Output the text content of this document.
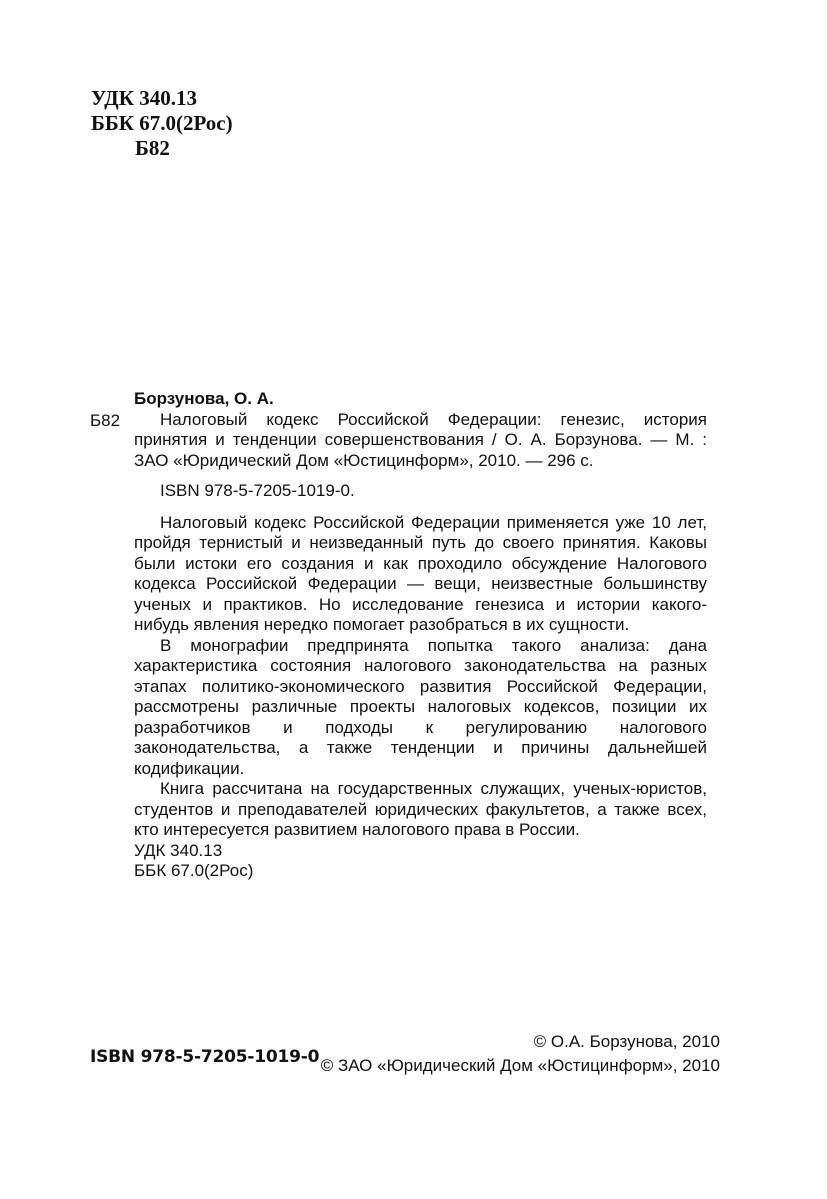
УДК 340.13
ББК 67.0(2Рос)
Б82
Б82

Борзунова, О. А.

Налоговый кодекс Российской Федерации: генезис, история принятия и тенденции совершенствования / О. А. Борзунова. — М. : ЗАО «Юридический Дом «Юстицинформ», 2010. — 296 с.

ISBN 978-5-7205-1019-0.

Налоговый кодекс Российской Федерации применяется уже 10 лет, пройдя тернистый и неизведанный путь до своего принятия. Каковы были истоки его создания и как проходило обсуждение Налогового кодекса Российской Федерации — вещи, неизвестные большинству ученых и практиков. Но исследование генезиса и истории какого-нибудь явления нередко помогает разобраться в их сущности.

В монографии предпринята попытка такого анализа: дана характеристика состояния налогового законодательства на разных этапах политико-экономического развития Российской Федерации, рассмотрены различные проекты налоговых кодексов, позиции их разработчиков и подходы к регулированию налогового законодательства, а также тенденции и причины дальнейшей кодификации.

Книга рассчитана на государственных служащих, ученых-юристов, студентов и преподавателей юридических факультетов, а также всех, кто интересуется развитием налогового права в России.

УДК 340.13

ББК 67.0(2Рос)

ISBN 978-5-7205-1019-0
© О.А. Борзунова, 2010
© ЗАО «Юридический Дом «Юстицинформ», 2010
